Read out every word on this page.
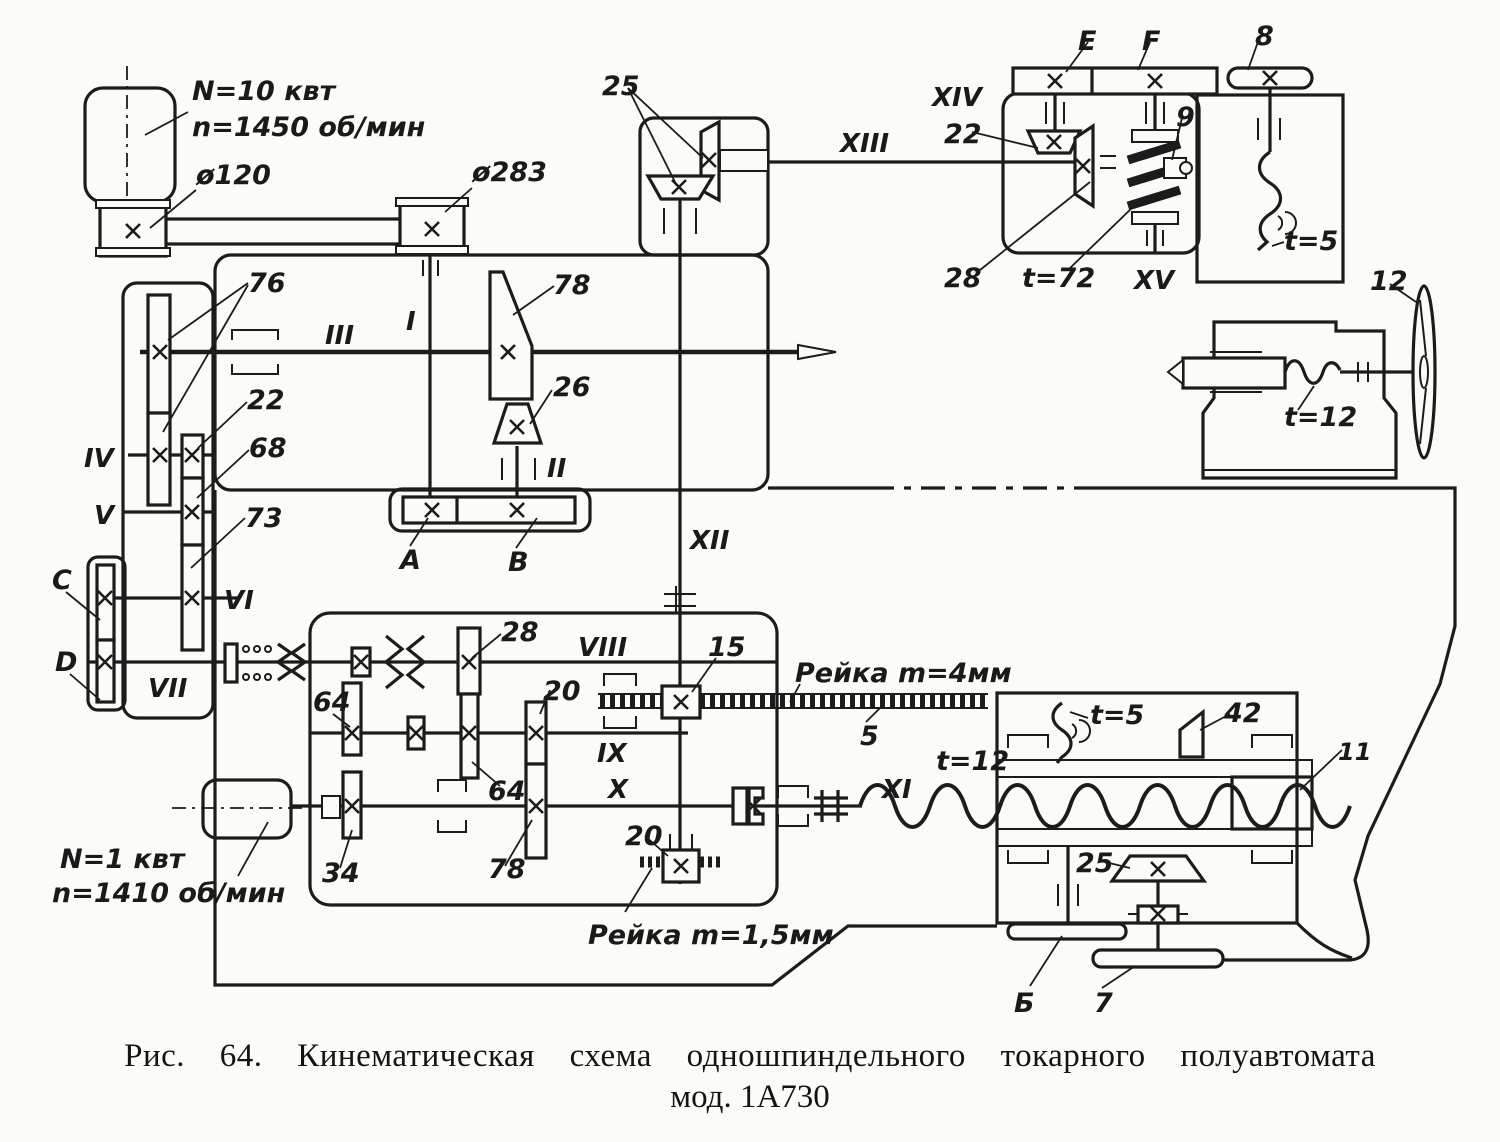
N=10 квт
n=1450 об/мин
ø120	ø283
76
III I
78
26
II
A	B
22
68
73
IV
V
C
D
VI
VII
25
XIII
XIV
22
28 t=72 XV
9
E F	8
t=5
12
t=12
XII
28 VIII
64	20
IX
64	X
34	78
20
15
Рейка m=4мм
5
XI
t=12
Рейка m=1,5мм
t=5	42
11
25
Б 7
N=1 квт
n=1410 об/мин
Рис. 64. Кинематическая схема одношпиндельного токарного полуавтомата
мод. 1А730
